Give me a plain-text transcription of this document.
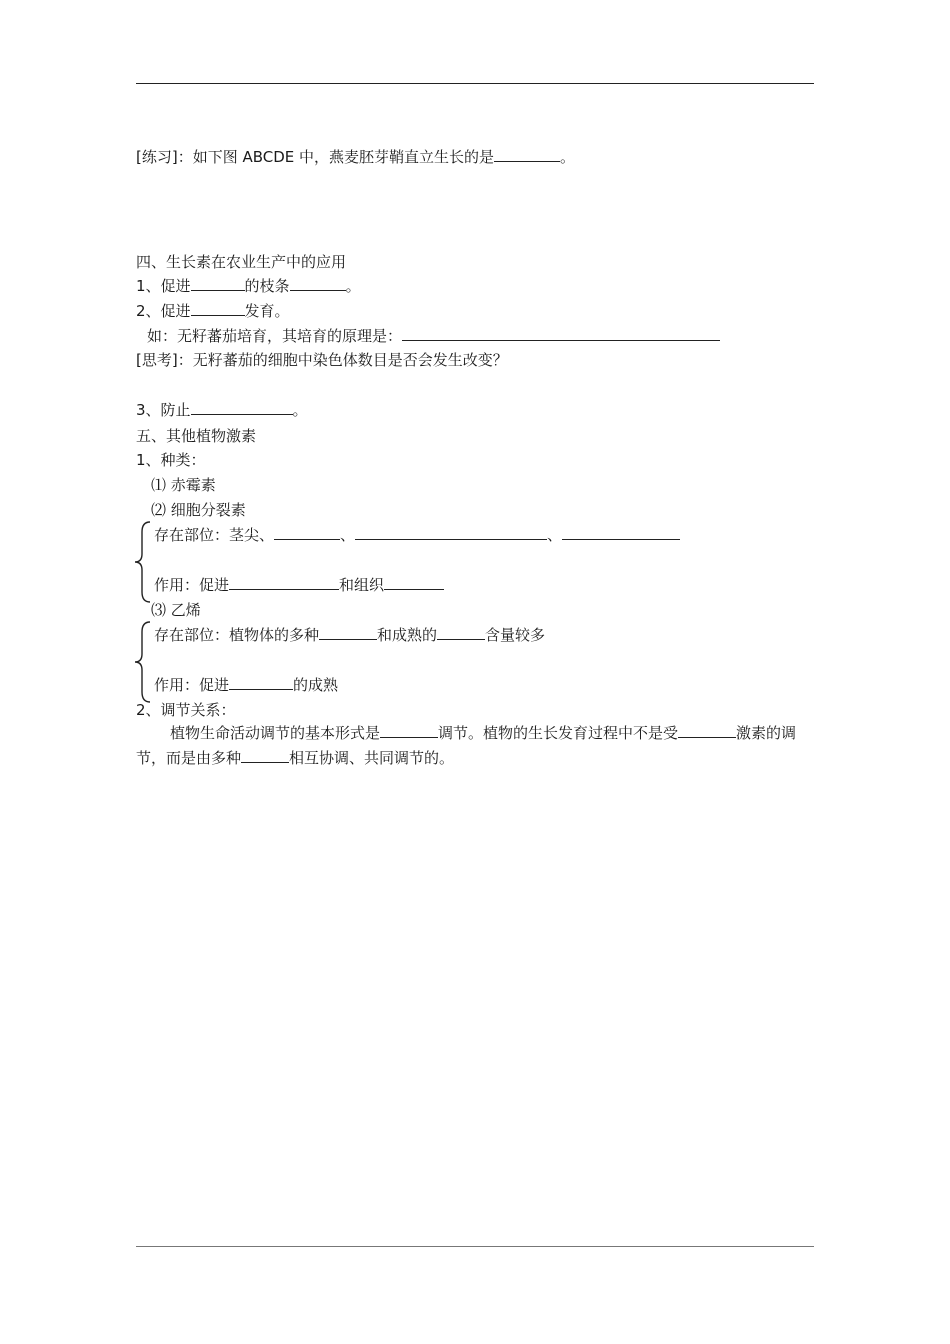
[练习]：如下图 ABCDE 中，燕麦胚芽鞘直立生长的是	。

四、生长素在农业生产中的应用
1、促进	的枝条	。
2、促进	发育。
如：无籽蕃茄培育，其培育的原理是：
[思考]：无籽蕃茄的细胞中染色体数目是否会发生改变？
3、防止	。
五、其他植物激素
1、种类：
⑴ 赤霉素
⑵ 细胞分裂素
存在部位：茎尖、	、	、
作用：促进	和组织
⑶ 乙烯
存在部位：植物体的多种	和成熟的	含量较多
作用：促进	的成熟
2、调节关系：
植物生命活动调节的基本形式是	调节。植物的生长发育过程中不是受	激素的调节，而是由多种	相互协调、共同调节的。
